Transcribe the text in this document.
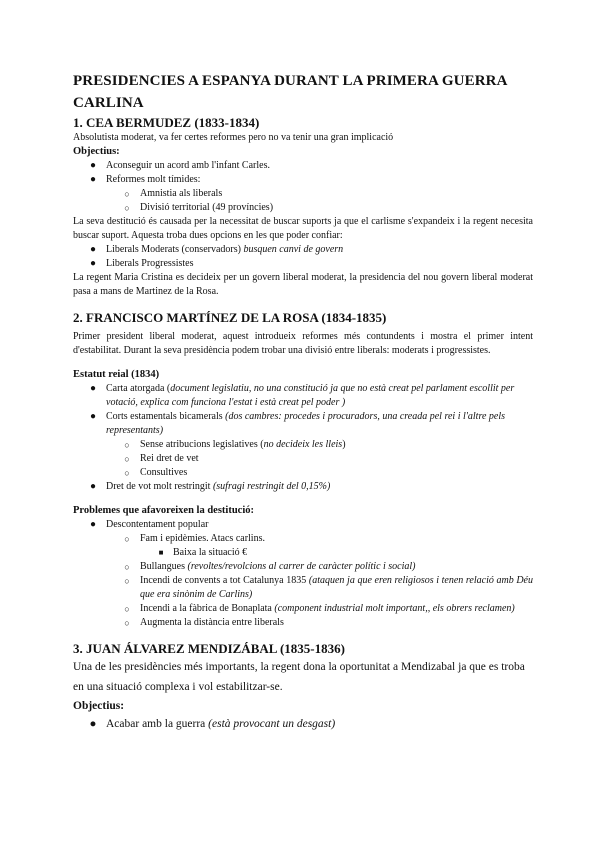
PRESIDENCIES A ESPANYA DURANT LA PRIMERA GUERRA CARLINA
1. CEA BERMUDEZ (1833-1834)

Absolutista moderat, va fer certes reformes pero no va tenir una gran implicació

Objectius:

● Aconseguir un acord amb l'infant Carles.
● Reformes molt tímides:
○ Amnistia als liberals
○ Divisió territorial (49 províncies)

La seva destitució és causada per la necessitat de buscar suports ja que el carlisme s'expandeix i la regent necesita buscar suport. Aquesta troba dues opcions en les que poder confiar:

● Liberals Moderats (conservadors) busquen canvi de govern
● Liberals Progressistes

La regent Maria Cristina es decideix per un govern liberal moderat, la presidencia del nou govern liberal moderat pasa a mans de Martinez de la Rosa.

2. FRANCISCO MARTÍNEZ DE LA ROSA (1834-1835)

Primer president liberal moderat, aquest introdueix reformes més contundents i mostra el primer intent d'estabilitat. Durant la seva presidència podem trobar una divisió entre liberals: moderats i progressistes.

Estatut reial (1834)

● Carta atorgada (document legislatiu, no una constitució ja que no està creat pel parlament escollit per votació, explica com funciona l'estat i està creat pel poder )
● Corts estamentals bicamerals (dos cambres: procedes i procuradors, una creada pel rei i l'altre pels representants)
○ Sense atribucions legislatives (no decideix les lleis)
○ Rei dret de vet
○ Consultives
● Dret de vot molt restringit (sufragi restringit del 0,15%)

Problemes que afavoreixen la destitució:

● Descontentament popular
○ Fam i epidèmies. Atacs carlins.
■ Baixa la situació €
○ Bullangues (revoltes/revolcions al carrer de caràcter polític i social)
○ Incendi de convents a tot Catalunya 1835 (ataquen ja que eren religiosos i tenen relació amb Déu que era sinònim de Carlins)
○ Incendi a la fàbrica de Bonaplata (component industrial molt important,, els obrers reclamen)
○ Augmenta la distància entre liberals
3. JUAN ÁLVAREZ MENDIZÁBAL (1835-1836)

Una de les presidències més importants, la regent dona la oportunitat a Mendizabal ja que es troba en una situació complexa i vol estabilitzar-se.

Objectius:

● Acabar amb la guerra (està provocant un desgast)
